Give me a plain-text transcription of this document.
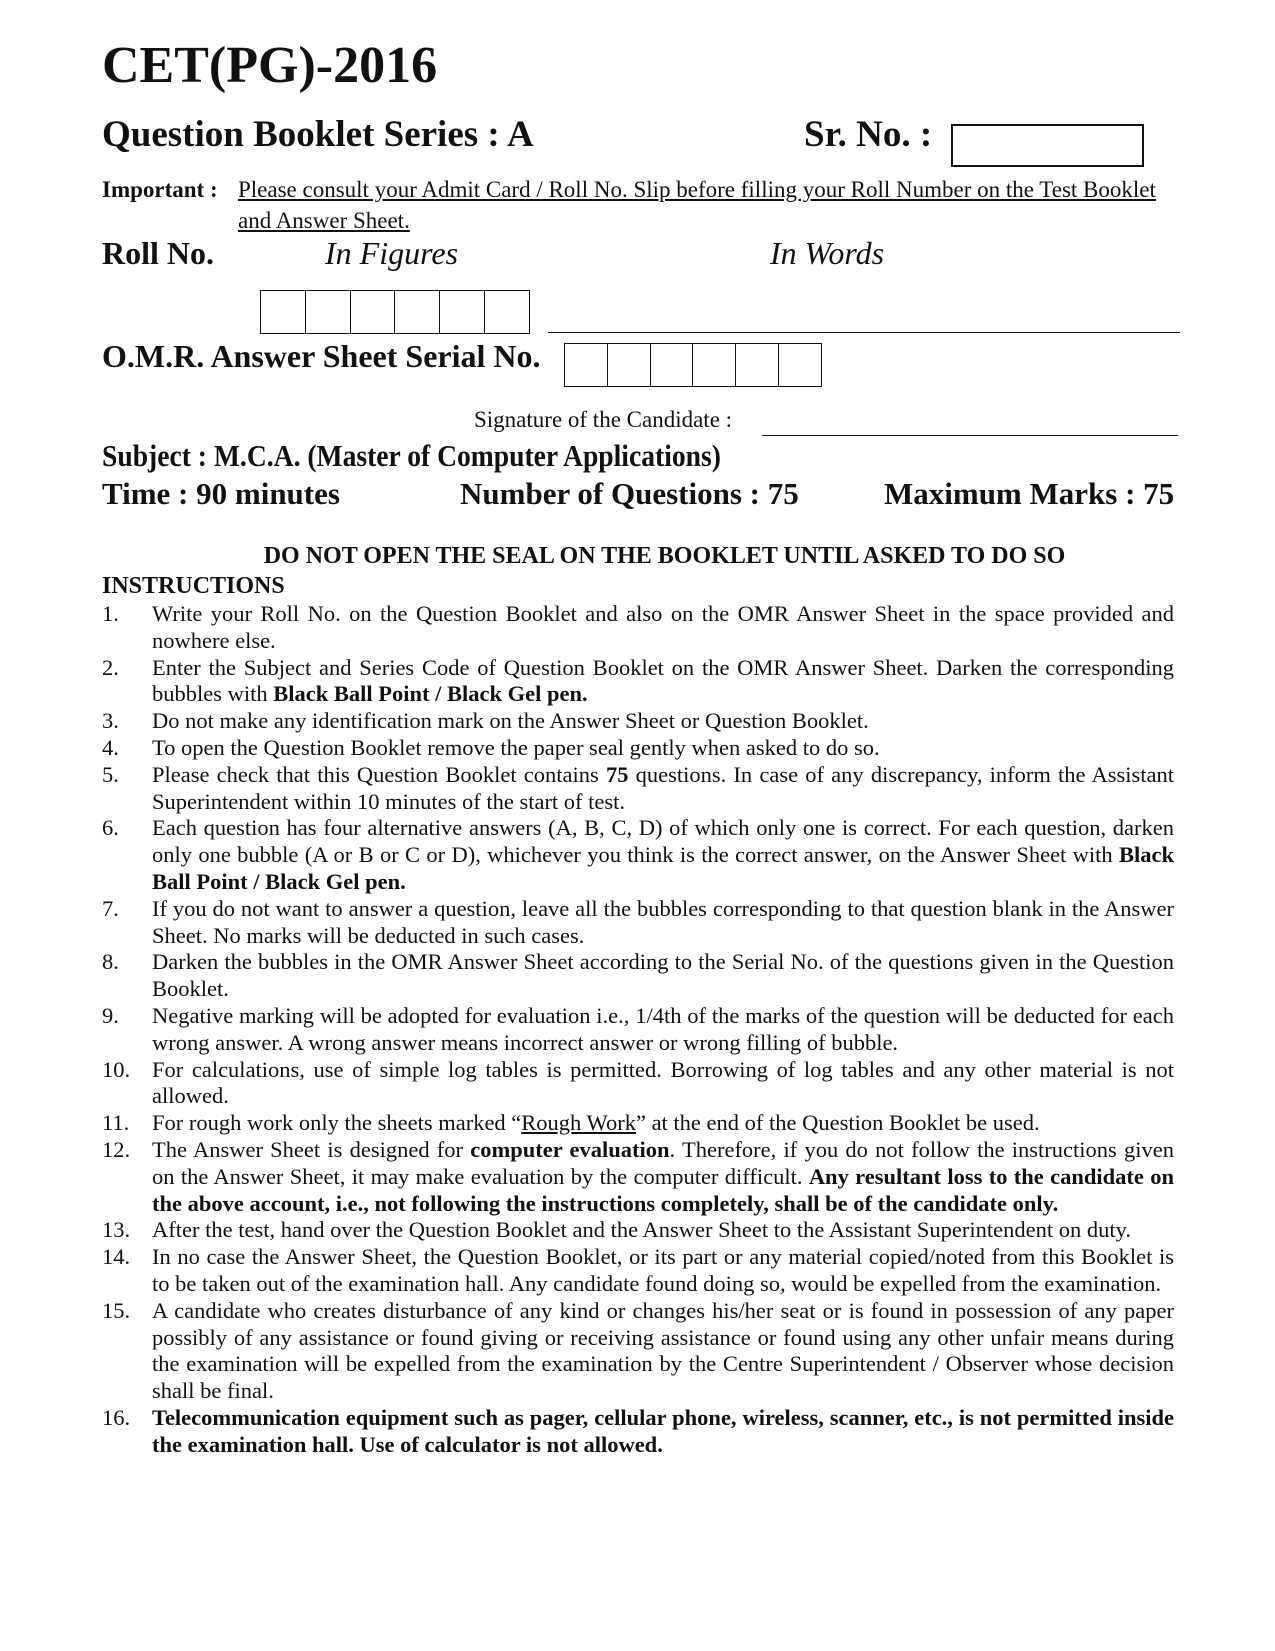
CET(PG)-2016
Question Booklet Series : A	Sr. No. :
Important : Please consult your Admit Card / Roll No. Slip before filling your Roll Number on the Test Booklet and Answer Sheet.
Roll No.	In Figures	In Words
O.M.R. Answer Sheet Serial No.
Signature of the Candidate :
Subject : M.C.A. (Master of Computer Applications)
Time : 90 minutes	Number of Questions : 75	Maximum Marks : 75
DO NOT OPEN THE SEAL ON THE BOOKLET UNTIL ASKED TO DO SO
INSTRUCTIONS
1.	Write your Roll No. on the Question Booklet and also on the OMR Answer Sheet in the space provided and nowhere else.
2.	Enter the Subject and Series Code of Question Booklet on the OMR Answer Sheet. Darken the corresponding bubbles with Black Ball Point / Black Gel pen.
3.	Do not make any identification mark on the Answer Sheet or Question Booklet.
4.	To open the Question Booklet remove the paper seal gently when asked to do so.
5.	Please check that this Question Booklet contains 75 questions. In case of any discrepancy, inform the Assistant Superintendent within 10 minutes of the start of test.
6.	Each question has four alternative answers (A, B, C, D) of which only one is correct. For each question, darken only one bubble (A or B or C or D), whichever you think is the correct answer, on the Answer Sheet with Black Ball Point / Black Gel pen.
7.	If you do not want to answer a question, leave all the bubbles corresponding to that question blank in the Answer Sheet. No marks will be deducted in such cases.
8.	Darken the bubbles in the OMR Answer Sheet according to the Serial No. of the questions given in the Question Booklet.
9.	Negative marking will be adopted for evaluation i.e., 1/4th of the marks of the question will be deducted for each wrong answer. A wrong answer means incorrect answer or wrong filling of bubble.
10. For calculations, use of simple log tables is permitted. Borrowing of log tables and any other material is not allowed.
11.	For rough work only the sheets marked “Rough Work” at the end of the Question Booklet be used.
12. The Answer Sheet is designed for computer evaluation. Therefore, if you do not follow the instructions given on the Answer Sheet, it may make evaluation by the computer difficult. Any resultant loss to the candidate on the above account, i.e., not following the instructions completely, shall be of the candidate only.
13. After the test, hand over the Question Booklet and the Answer Sheet to the Assistant Superintendent on duty.
14. In no case the Answer Sheet, the Question Booklet, or its part or any material copied/noted from this Booklet is to be taken out of the examination hall. Any candidate found doing so, would be expelled from the examination.
15. A candidate who creates disturbance of any kind or changes his/her seat or is found in possession of any paper possibly of any assistance or found giving or receiving assistance or found using any other unfair means during the examination will be expelled from the examination by the Centre Superintendent / Observer whose decision shall be final.
16. Telecommunication equipment such as pager, cellular phone, wireless, scanner, etc., is not permitted inside the examination hall. Use of calculator is not allowed.
